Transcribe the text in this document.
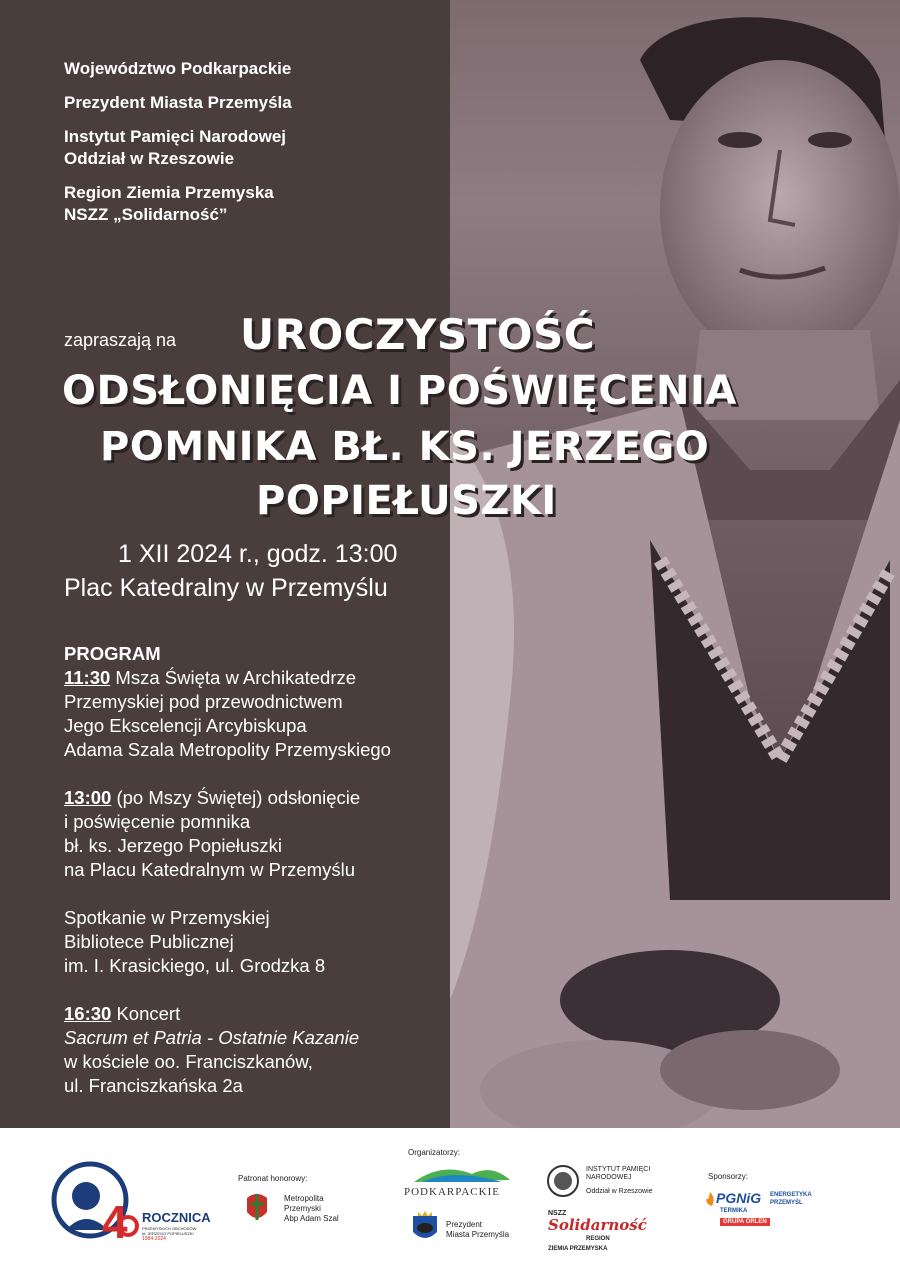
Województwo Podkarpackie
Prezydent Miasta Przemyśla
Instytut Pamięci Narodowej
Oddział w Rzeszowie
Region Ziemia Przemyska
NSZZ „Solidarność”
zapraszają na UROCZYSTOŚĆ
ODSŁONIĘCIA I POŚWIĘCENIA
POMNIKA BŁ. KS. JERZEGO
POPIEŁUSZKI
1 XII 2024 r., godz. 13:00
Plac Katedralny w Przemyślu
PROGRAM
11:30 Msza Święta w Archikatedrze
Przemyskiej pod przewodnictwem
Jego Ekscelencji Arcybiskupa
Adama Szala Metropolity Przemyskiego
13:00 (po Mszy Świętej) odsłonięcie
i poświęcenie pomnika
bł. ks. Jerzego Popiełuszki
na Placu Katedralnym w Przemyślu
Spotkanie w Przemyskiej
Bibliotece Publicznej
im. I. Krasickiego, ul. Grodzka 8
16:30 Koncert
Sacrum et Patria - Ostatnie Kazanie
w kościele oo. Franciszkanów,
ul. Franciszkańska 2a
4 ROCZNICA
PRZEMYSKICH OBCHODÓW
bł. JERZEGO POPIEŁUSZKI
1984-2024
Patronat honorowy:
Metropolita
Przemyski
Abp Adam Szal
Organizatorzy:
PODKARPACKIE
Prezydent
Miasta Przemyśla
INSTYTUT PAMIĘCI
NARODOWEJ
Oddział w Rzeszowie
NSZZ
Solidarność
REGION
ZIEMIA PRZEMYSKA
Sponsorzy:
PGNiG
TERMIKA
ENERGETYKA
PRZEMYŚL
GRUPA ORLEN
